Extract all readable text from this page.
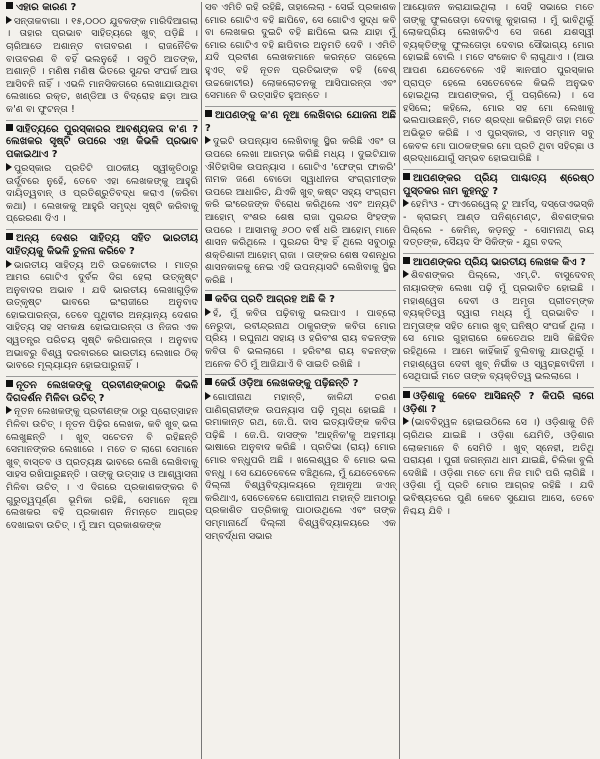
ଏହାର କାରଣ ?

ସନ୍ତାକବାଗା । ୧୫,୦୦୦ ଯୁବକଙ୍କ ମାରିଦିଆଗଲା । ତାହାର ପ୍ରଭାବ ସାହିତ୍ୟରେ ଖୁବ୍ ପଡ଼ିଛି । ଚାରିଆଡେ ଅଶାନ୍ତ ବାତାବରଣ । ରାଜନୈତିକ ବାତାବରଣ ବି ବହିଁ ଭଲନୁହେଁ । ସବୁଠି ଆତଙ୍କ, ଅଶାନ୍ତି । ମଣିଷ ମଣିଷ ଭିତରେ ସୁନ୍ଦର ସଂପର୍କ ଆଉ ଆସିବନି ନାହିଁ । ଏଭଳି ମାନସିକତାରେ ଲେଖାଯାଉଥିବା ଲେଖାରେ ରକ୍ତ, ଖଣ୍ଡିଆ ଓ ବିଦ୍ରୋହ ଛଡ଼ା ଆଉ କ'ଣ ବା ଫୁଟନ୍ତା !

ସାହିତ୍ୟରେ ପୁରସ୍କାରର ଆବଶ୍ୟକତା କ'ଣ ? ଲେଖକର ସୃଷ୍ଟି ଉପରେ ଏହା କିଭଳି ପ୍ରଭାବ ପକାଇଥାଏ ?

ପୁରସ୍କାର ପ୍ରତିଟି ପାଠକୀୟ ସ୍ୱୀକୃତିଠାରୁ ଉର୍ଦ୍ଧ୍ବରେ ନୁହେଁ, ତେବେ ଏହା ଲେଖକଙ୍କୁ ଆହୁରି ଦାୟିତ୍ୱବାନ୍ ଓ ପ୍ରତିଶ୍ରୁତିବଦ୍ଧ କରାଏ (କରିବା କଥା) । ଲେଖକକୁ ଆହୁରି ସମୃଦ୍ଧ ସୃଷ୍ଟି କରିବାକୁ ପ୍ରେରଣା ଦିଏ ।

ଅନ୍ୟ ଦେଶର ସାହିତ୍ୟ ସହିତ ଭାରତୀୟ ସାହିତ୍ୟକୁ କିଭଳି ତୁଳନା କରିବେ ?

ଭାରତୀୟ ସାହିତ୍ୟ ଅତି ଉଚ୍ଚକୋଟୀର । ମାତ୍ର ଆମର ଗୋଟିଏ ଦୁର୍ବଳ ଦିଗ ହେଲା ଉତ୍କୃଷ୍ଟ ଅନୁବାଦର ଅଭାବ । ଯଦି ଭାରତୀୟ ଲେଖାଗୁଡ଼ିକ ଉତ୍କୃଷ୍ଟ ଭାବରେ ଇଂରାଜୀରେ ଅନୁବାଦ ହୋଇପାରନ୍ତା, ତେବେ ପୃଥିବୀର ଅନ୍ୟାନ୍ୟ ଦେଶର ସାହିତ୍ୟ ସହ ସମକକ୍ଷ ହୋଇପାରନ୍ତା ଓ ନିଜର ଏକ ସ୍ୱତନ୍ତ୍ର ପରିଚୟ ସୃଷ୍ଟି କରିପାରନ୍ତା । ଅନୁବାଦ ଅଭାବରୁ ବିଶ୍ୱ ଦରବାରରେ ଭାରତୀୟ ଲେଖାର ଠିକ୍ ଭାବରେ ମୂଲ୍ୟାୟନ ହୋଇପାରୁନାହିଁ ।

ନୂତନ ଲେଖକଙ୍କୁ ପ୍ରବୀଣଙ୍କଠାରୁ କିଭଳି ଦିଗଦର୍ଶନ ମିଳିବା ଉଚିତ୍ ?

ନୂତନ ଲେଖକଙ୍କୁ ପ୍ରବୀଣଙ୍କ ଠାରୁ ପ୍ରୋତ୍ସାହନ ମିଳିବା ଉଚିତ୍ । ନୂତନ ପିଢ଼ିର ଲେଖକ, କବି ଖୁବ୍ ଭଲ ଲେଖୁଛନ୍ତି । ଖୁବ୍ ସଚେତନ ବି ରହିଛନ୍ତି ସେମାନଙ୍କର ଲେଖାରେ । ମତେ ତ ଲାଗେ ସେମାନେ ଖୁବ୍ ବାସ୍ତବ ଓ ପ୍ରତ୍ୟକ୍ଷ ଭାବରେ ଲେଖି ଲେଖିବାକୁ ସାହସ ରଖିପାରୁଛନ୍ତି । ତାଙ୍କୁ ଉତ୍ସାହ ଓ ଆଶ୍ୱାସନା ମିଳିବା ଉଚିତ୍ । ଏ ଦିଗରେ ପ୍ରକାଶକଙ୍କର ବି ଗୁରୁତ୍ୱପୂର୍ଣ୍ଣ ଭୂମିକା ରହିଛି, ସେମାନେ ନୂଆ ଲେଖକର ବହି ପ୍ରକାଶନ ନିମନ୍ତେ ଆଗ୍ରହ ଦେଖାଇବା ଉଚିତ୍ । ମୁଁ ଆମ ପ୍ରକାଶକଙ୍କ

ସବ ଏମିତି ରହି ରହିଛି, ତାହାଲେଲା - ସେଇଁ ପ୍ରକାଶକ ମୋର ଗୋଟିଏ ବହି ଛାପିବେ, ସେ ଗୋଟିଏ ସୁଦ୍ଧ କବି ବା ଲେଖକର ଦୁଇଟି ବହି ଛାପିଲେ ଭଲ ଯାହା ମୁଁ ମୋର ଗୋଟିଏ ବହି ଛାପିବାର ଅନୁମତି ଦେବି । ଏମିତି ଯଦି ପ୍ରବୀଣ ଲେଖକମାନେ କରନ୍ତେ ତାହେଲେ ହୁଏତ୍ ବହି ନୂତନ ପ୍ରତିଭାଙ୍କ ବହି (ବେଶ୍ ଉଚ୍ଚକୋଟୀର) ଲୋକଲୋଚନକୁ ଆସିପାରନ୍ତା ଏବଂ ସେମାନେ ବି ଉତ୍ସାହିତ ହୁଅନ୍ତେ ।

ଆପଣଙ୍କୁ କ'ଣ ନୂଆ ଲେଖିବାର ଯୋଜନା ଅଛି ?

ଦୁଇଟି ଉପନ୍ୟାସ ଲେଖିବାକୁ ସ୍ଥିର କରିଛି ଏବଂ ତା ଉପରେ ଲେଖା ଆରମ୍ଭ କରିଛି ମଧ୍ୟ । ଦୁଇଟିଯାକ ଐତିହାସିକ ଉପନ୍ୟାସ । ଗୋଟିଏ 'ଫେଙ୍ଗ ଫାକରି' ନାମକ ଜଣେ ବୋଡୋ ସ୍ୱାଧୀନତା ସଂଗ୍ରାମୀଙ୍କ ଉପରେ ଆଧାରିତ, ଯିଏକି ଖୁବ୍ କଷ୍ଟ ସହ୍ୟ ସଂଗ୍ରାମ କରି ଇଂରେଜଙ୍କ ବିରୋଧ କରିଥିଲେ ଏବଂ ଅନ୍ୟଟି ଆହୋମ୍ ବଂଶର ଶେଷ ରାଜା ପୁରନ୍ଦର ସିଂହଙ୍କ ଉପରେ । ଆସାମକୁ ୬୦୦ ବର୍ଷ ଧରି ଆହୋମ୍ ମାନେ ଶାସନ କରିଥିଲେ । ପୁରନ୍ଦର ସିଂହ ହିଁ ଥିଲେ ସବୁଠାରୁ ଶକ୍ତିଶାଳୀ ଆହୋମ୍ ରାଜା । ତାଙ୍କର ଶେଷ ଦଶନ୍ଧିର ଶାସନକାଳକୁ ନେଇ ଏହି ଉପନ୍ୟାସଟି ଲେଖିବାକୁ ସ୍ଥିର କରିଛି ।

କବିତା ପ୍ରତି ଆଗ୍ରହ ଅଛି କି ?

ହଁ, ମୁଁ କବିତା ପଢ଼ିବାକୁ ଭଲପାଏ । ପାବ୍ଲୋ ନେରୁଦା, ରବୀନ୍ଦ୍ରନାଥ ଠାକୁରଙ୍କ କବିତା ମୋର ପ୍ରିୟ । ରଘୁନାଥ ସହାୟ ଓ ହରିବଂଶ ରାୟ ବଚ୍ଚନଙ୍କ କବିତା ବି ଭଲଲାଗେ । ହରିବଂଶ ରାୟ ବଚ୍ଚନଙ୍କ ଅନେକ ଚିଠି ମୁଁ ଆଜିଯାଏଁ ବି ସାଇତି ରଖିଛି ।

କେଉଁ ଓଡ଼ିଆ ଲେଖକଙ୍କୁ ପଢ଼ିଛନ୍ତି ?

ଗୋପୀନାଥ ମହାନ୍ତି, କାଳିନ୍ଦୀ ଚରଣ ପାଣିଗ୍ରାହୀଙ୍କ ଉପନ୍ୟାସ ପଢ଼ି ମୁଗ୍ଧ ହୋଇଛି । ରମାକାନ୍ତ ରଥ, ଜେ.ପି. ଦାସ ଇତ୍ୟାଦିଙ୍କ କବିତା ପଢ଼ିଛି । ଜେ.ପି. ଦାସଙ୍କ 'ଆହ୍ନିକ'କୁ ଅହମୀୟା ଭାଷାରେ ଅନୁବାଦ କରିଛି । ପ୍ରତିଭା (ରାୟ) ମୋର ମୋର ବନ୍ଧୁପରି ଅଛି । ଖଲେଶ୍ୱର ବି ମୋର ଭଲ ବନ୍ଧୁ । ସେ ଯେତେବେଳେ ବଞ୍ଚିଥିଲେ, ମୁଁ ଯେତେବେଳେ ଦିଲ୍ଲୀ ବିଶ୍ୱବିଦ୍ୟାଳୟରେ ନୂଆନୂଆ ଜଏନ୍ କରିଥାଏ, ସେତେବେଳେ ଗୋପୀନାଥ ମହାନ୍ତି ଆମଠାରୁ ପ୍ରକାଶିତ ପତ୍ରିକାକୁ ପାଠାଉଥିଲେ ଏବଂ ତାଙ୍କ ସମ୍ମାନାର୍ଥେ ଦିଲ୍ଲୀ ବିଶ୍ୱବିଦ୍ୟାଳୟରେ ଏକ ସମ୍ବର୍ଦ୍ଧନା ସଭାର

ଆୟୋଜନ କରାଯାଇଥିଲା । ସେହି ସଭାରେ ମତେ ତାଙ୍କୁ ଫୁଲତୋଡ଼ା ଦେବାକୁ କୁହାଗଲା । ମୁଁ ଭାବିଥିଲୁଁ ଲୋକପ୍ରିୟ ଲେଖକଟିଏ ସେ ଜଣେ ଯଶସ୍ୱୀ ବ୍ୟକ୍ତିଙ୍କୁ ଫୁଲତୋଡ଼ା ଦେବାର ସୌଭାଗ୍ୟ ମୋର ହୋଇଛି ବୋଲି । ମତେ ସଂକୋଚ ବି ଲାଗୁଥାଏ । (ଆଉ ଆପଣ ଯେତେବେଳେ ଏହି ଜ୍ଞାନପୀଠ ପୁରସ୍କାର ପ୍ରାପ୍ତ ହେଲେ ସେତେବେଳେ କିଭଳି ଅନୁଭବ ହୋଇଥିଲା ଆପଣଙ୍କର, ମୁଁ ପଚାରିଲେ) । ସେ ହସିଲେ; କହିଲେ, ମୋର ସହ ମୋ ଲେଖାକୁ ଭଲପାଉଛନ୍ତି, ମତେ ଶ୍ରଦ୍ଧା କରିଛନ୍ତି ତାହା ମତେ ଅଭିଭୂତ କରିଛି । ଏ ପୁରସ୍କାର, ଏ ସମ୍ମାନ ସବୁ କେବଳ ମୋ ପାଠକଙ୍କର ମୋ ପ୍ରତି ଥିବା ସହିଚ୍ଛା ଓ ଶ୍ରଦ୍ଧାଯୋଗୁଁ ସମ୍ଭବ ହୋଇପାରିଛି ।

ଆପଣଙ୍କର ପ୍ରିୟ ପାଶ୍ଚାତ୍ୟ ଶ୍ରେଷ୍ଠ ପୁସ୍ତକର ନାମ କୁହନ୍ତୁ ?

ହେମିଂଓ - ଫାଏରେୱେଲ୍ ଟୁ ଆର୍ମସ୍, ଦସ୍ତୋଏଭସ୍କି - କ୍ରାଇମ୍ ଆଣ୍ଡ ପନିଶ୍ମେଣ୍ଟ, ଶିବଶଙ୍କର ପିଲ୍ଲେ - କେମିନ୍, କଡ଼ନ୍ତୁ - ସୋମନାଥ୍ ରୟ ଦତ୍ତଙ୍କ, ସୈୟଦ ସିଂ ସିକିଙ୍କ - ଯୁଗ ବଦଳ୍

ଆପଣଙ୍କର ପ୍ରିୟ ଭାରତୀୟ ଲେଖକ କିଏ ?

ଶିବଶଙ୍କର ପିଲ୍ଲେ, ଏମ୍.ଟି. ବାସୁଦେବନ୍ ନାୟାରଙ୍କ ଲେଖା ପଢ଼ି ମୁଁ ପ୍ରଭାବିତ ହୋଇଛି । ମହାଶ୍ୱେତା ଦେବୀ ଓ ଅମୃତା ପ୍ରୀତମ୍ଙ୍କ ବ୍ୟକ୍ତିତ୍ୱ ଦ୍ୱାରା ମଧ୍ୟ ମୁଁ ପ୍ରଭାବିତ । ଅମୃତାଙ୍କ ସହିତ ମୋର ଖୁବ୍ ଘନିଷ୍ଠ ସଂପର୍କ ଥିଲା । ସେ ମୋର ଗୁହାରାରେ କେତେଥର ଆସି କିଛିଦିନ ରହିଥିଲେ । ଆମେ କାହିଁକାହିଁ ବୁଲିବାକୁ ଯାଉଥିଲୁଁ । ମହାଶ୍ୱେତା ଦେବୀ ଖୁବ୍ ନିର୍ଭୀକ ଓ ସ୍ୱଚ୍ଛବାଦିନୀ । ସେଥିପାଇଁ ମତେ ତାଙ୍କ ବ୍ୟକ୍ତିତ୍ୱ ଭଲଲାଗେ ।

ଓଡ଼ିଶାକୁ କେବେ ଆସିଛନ୍ତି ? କିପରି ଲାଗେ ଓଡ଼ିଶା ?

(ଭାବବିହ୍ୱଳ ହୋଇଉଠିଲେ ସେ ।) ଓଡ଼ିଶାକୁ ତିନି ଚାରିଥର ଯାଇଛି । ଓଡ଼ିଶା ଯେମିତି, ଓଡ଼ିଶାର ଲୋକମାନେ ବି ସେମିତି । ଖୁବ୍ ସ୍ନେହୀ, ଅତିଥି ପରାୟଣ । ପୁରୀ ଜଗନ୍ନାଥ ଧାମ ଯାଇଛି, ଚିଲିକା ବୁଲି ଦେଖିଛି । ଓଡ଼ିଶା ମତେ ମୋ ନିଜ ମାଟି ପରି ଲାଗିଛି । ଓଡ଼ିଶା ମୁଁ ପ୍ରତି ମୋର ଆଗ୍ରହ ରହିଛି । ଯଦି ଭବିଷ୍ୟତରେ ପୁଣି କେବେ ସୁଯୋଗ ଆସେ, ତେବେ ନିଶ୍ଚୟ ଯିବି ।
